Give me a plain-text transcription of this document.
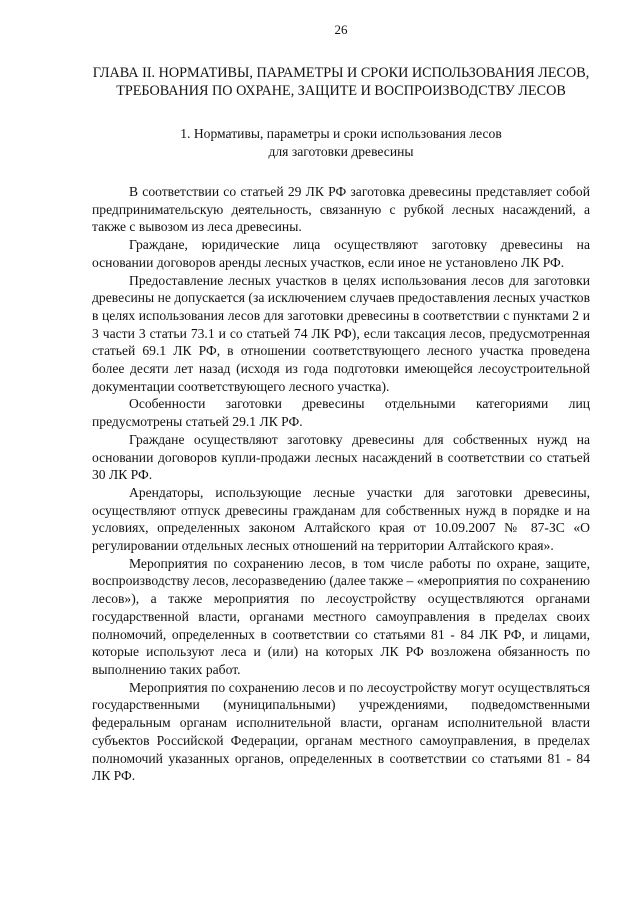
26
ГЛАВА II. НОРМАТИВЫ, ПАРАМЕТРЫ И СРОКИ ИСПОЛЬЗОВАНИЯ ЛЕСОВ, ТРЕБОВАНИЯ ПО ОХРАНЕ, ЗАЩИТЕ И ВОСПРОИЗВОДСТВУ ЛЕСОВ
1. Нормативы, параметры и сроки использования лесов
для заготовки древесины

В соответствии со статьей 29 ЛК РФ заготовка древесины представляет собой предпринимательскую деятельность, связанную с рубкой лесных насаждений, а также с вывозом из леса древесины.

Граждане, юридические лица осуществляют заготовку древесины на основании договоров аренды лесных участков, если иное не установлено ЛК РФ.

Предоставление лесных участков в целях использования лесов для заготовки древесины не допускается (за исключением случаев предоставления лесных участков в целях использования лесов для заготовки древесины в соответствии с пунктами 2 и 3 части 3 статьи 73.1 и со статьей 74 ЛК РФ), если таксация лесов, предусмотренная статьей 69.1 ЛК РФ, в отношении соответствующего лесного участка проведена более десяти лет назад (исходя из года подготовки имеющейся лесоустроительной документации соответствующего лесного участка).

Особенности заготовки древесины отдельными категориями лиц предусмотрены статьей 29.1 ЛК РФ.

Граждане осуществляют заготовку древесины для собственных нужд на основании договоров купли-продажи лесных насаждений в соответствии со статьей 30 ЛК РФ.

Арендаторы, использующие лесные участки для заготовки древесины, осуществляют отпуск древесины гражданам для собственных нужд в порядке и на условиях, определенных законом Алтайского края от 10.09.2007 № 87-ЗС «О регулировании отдельных лесных отношений на территории Алтайского края».

Мероприятия по сохранению лесов, в том числе работы по охране, защите, воспроизводству лесов, лесоразведению (далее также – «мероприятия по сохранению лесов»), а также мероприятия по лесоустройству осуществляются органами государственной власти, органами местного самоуправления в пределах своих полномочий, определенных в соответствии со статьями 81 - 84 ЛК РФ, и лицами, которые используют леса и (или) на которых ЛК РФ возложена обязанность по выполнению таких работ.

Мероприятия по сохранению лесов и по лесоустройству могут осуществляться государственными (муниципальными) учреждениями, подведомственными федеральным органам исполнительной власти, органам исполнительной власти субъектов Российской Федерации, органам местного самоуправления, в пределах полномочий указанных органов, определенных в соответствии со статьями 81 - 84 ЛК РФ.
